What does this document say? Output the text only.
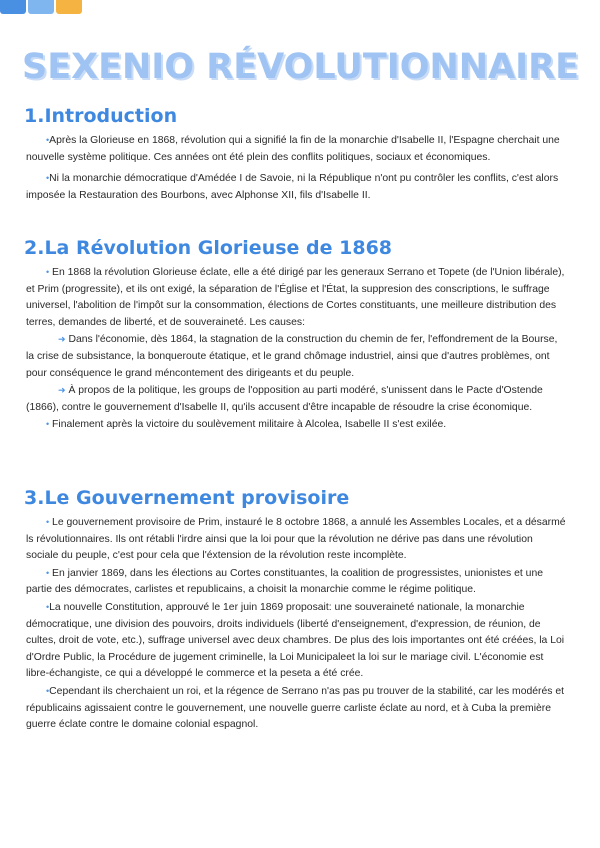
SEXENIO RÉVOLUTIONNAIRE
1.Introduction

•Après la Glorieuse en 1868, révolution qui a signifié la fin de la monarchie d'Isabelle II, l'Espagne cherchait une nouvelle système politique. Ces années ont été plein des conflits politiques, sociaux et économiques.

•Ni la monarchie démocratique d'Amédée I de Savoie, ni la République n'ont pu contrôler les conflits, c'est alors imposée la Restauration des Bourbons, avec Alphonse XII, fils d'Isabelle II.

2.La Révolution Glorieuse de 1868

• En 1868 la révolution Glorieuse éclate, elle a été dirigé par les generaux Serrano et Topete (de l'Union libérale), et Prim (progressite), et ils ont exigé, la séparation de l'Église et l'État, la suppresion des conscriptions, le suffrage universel, l'abolition de l'impôt sur la consommation, élections de Cortes constituants, une meilleure distribution des terres, demandes de liberté, et de souveraineté. Les causes:

➜ Dans l'économie, dès 1864, la stagnation de la construction du chemin de fer, l'effondrement de la Bourse, la crise de subsistance, la bonqueroute étatique, et le grand chômage industriel, ainsi que d'autres problèmes, ont pour conséquence le grand méncontement des dirigeants et du peuple.

➜ À propos de la politique, les groups de l'opposition au parti modéré, s'unissent dans le Pacte d'Ostende (1866), contre le gouvernement d'Isabelle II, qu'ils accusent d'être incapable de résoudre la crise économique.

• Finalement après la victoire du soulèvement militaire à Alcolea, Isabelle II s'est exilée.

3.Le Gouvernement provisoire

• Le gouvernement provisoire de Prim, instauré le 8 octobre 1868, a annulé les Assembles Locales, et a désarmé ls révolutionnaires. Ils ont rétabli l'irdre ainsi que la loi pour que la révolution ne dérive pas dans une révolution sociale du peuple, c'est pour cela que l'éxtension de la révolution reste incomplète.

• En janvier 1869, dans les élections au Cortes constituantes, la coalition de progressistes, unionistes et une partie des démocrates, carlistes et republicains, a choisit la monarchie comme le régime politique.

•La nouvelle Constitution, approuvé le 1er juin 1869 proposait: une souveraineté nationale, la monarchie démocratique, une division des pouvoirs, droits individuels (liberté d'enseignement, d'expression, de réunion, de cultes, droit de vote, etc.), suffrage universel avec deux chambres. De plus des lois importantes ont été créées, la Loi d'Ordre Public, la Procédure de jugement criminelle, la Loi Municipaleet la loi sur le mariage civil. L'économie est libre-échangiste, ce qui a développé le commerce et la peseta a été crée.

•Cependant ils cherchaient un roi, et la régence de Serrano n'as pas pu trouver de la stabilité, car les modérés et républicains agissaient contre le gouvernement, une nouvelle guerre carliste éclate au nord, et à Cuba la première guerre éclate contre le domaine colonial espagnol.
